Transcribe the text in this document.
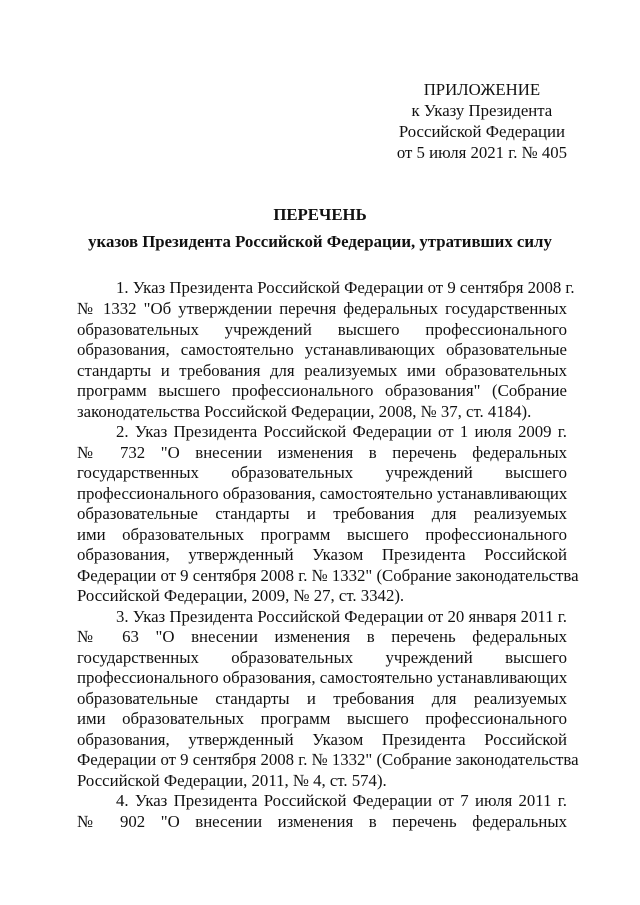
ПРИЛОЖЕНИЕ
к Указу Президента
Российской Федерации
от 5 июля 2021 г. № 405
ПЕРЕЧЕНЬ
указов Президента Российской Федерации, утративших силу
1. Указ Президента Российской Федерации от 9 сентября 2008 г.
№ 1332 "Об утверждении перечня федеральных государственных
образовательных учреждений высшего профессионального
образования, самостоятельно устанавливающих образовательные
стандарты и требования для реализуемых ими образовательных
программ высшего профессионального образования" (Собрание
законодательства Российской Федерации, 2008, № 37, ст. 4184).
2. Указ Президента Российской Федерации от 1 июля 2009 г.
№ 732 "О внесении изменения в перечень федеральных
государственных образовательных учреждений высшего
профессионального образования, самостоятельно устанавливающих
образовательные стандарты и требования для реализуемых
ими образовательных программ высшего профессионального
образования, утвержденный Указом Президента Российской
Федерации от 9 сентября 2008 г. № 1332" (Собрание законодательства
Российской Федерации, 2009, № 27, ст. 3342).
3. Указ Президента Российской Федерации от 20 января 2011 г.
№ 63 "О внесении изменения в перечень федеральных
государственных образовательных учреждений высшего
профессионального образования, самостоятельно устанавливающих
образовательные стандарты и требования для реализуемых
ими образовательных программ высшего профессионального
образования, утвержденный Указом Президента Российской
Федерации от 9 сентября 2008 г. № 1332" (Собрание законодательства
Российской Федерации, 2011, № 4, ст. 574).
4. Указ Президента Российской Федерации от 7 июля 2011 г.
№ 902 "О внесении изменения в перечень федеральных
